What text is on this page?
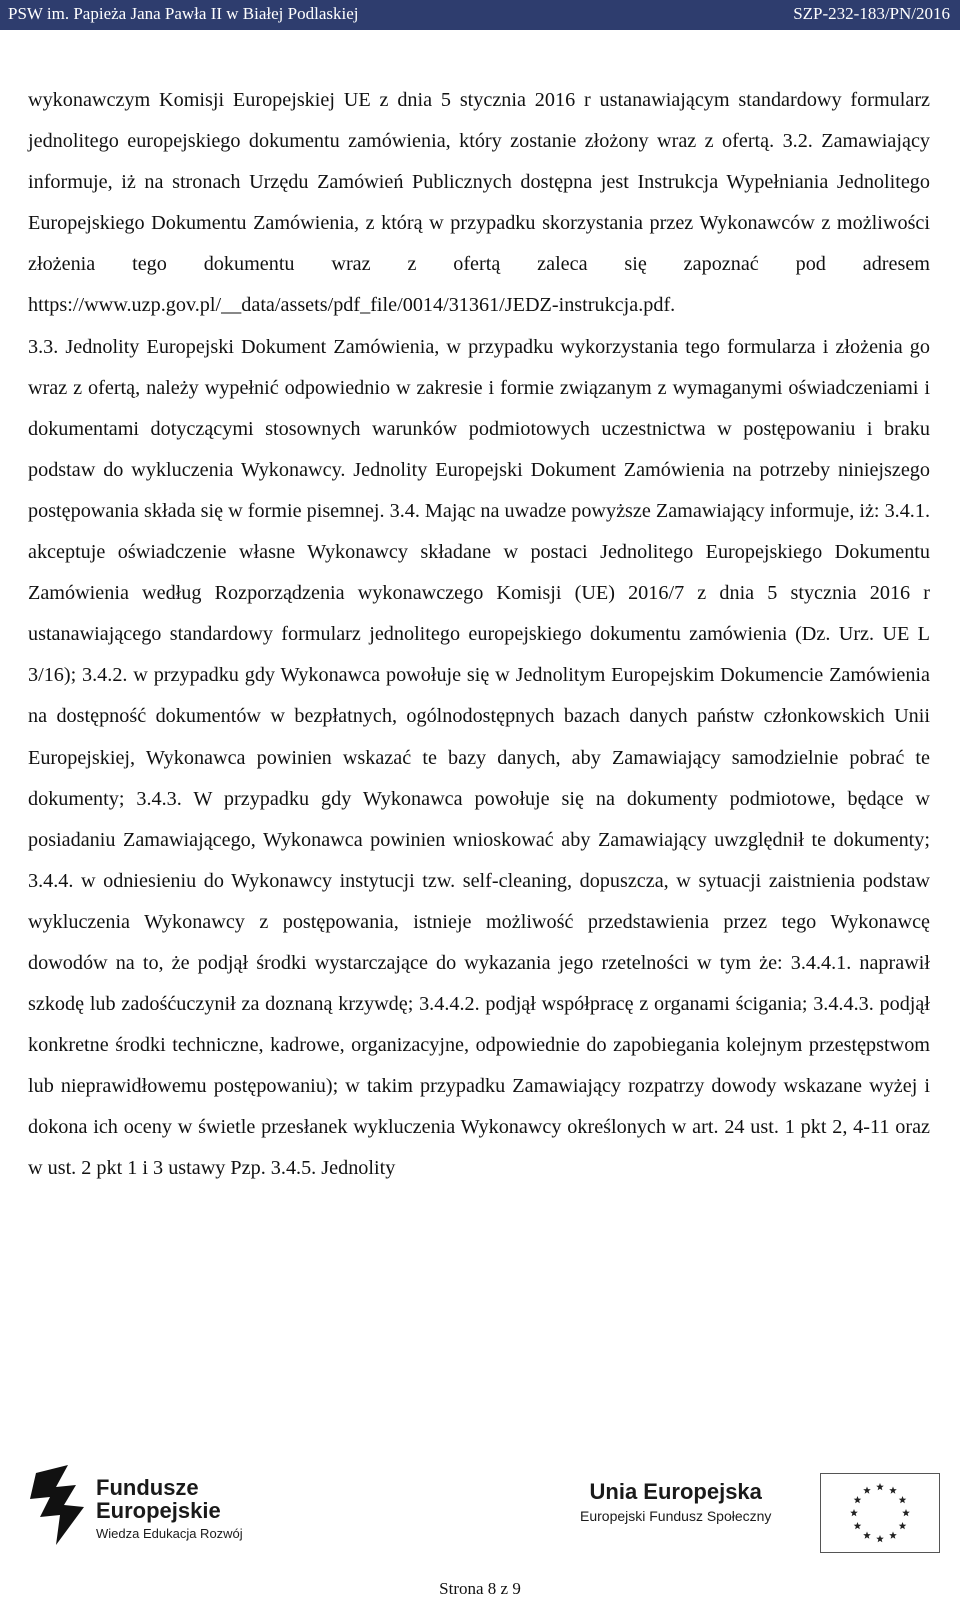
PSW im. Papieża Jana Pawła II w Białej Podlaskiej	SZP-232-183/PN/2016

wykonawczym Komisji Europejskiej UE z dnia 5 stycznia 2016 r ustanawiającym standardowy formularz jednolitego europejskiego dokumentu zamówienia, który zostanie złożony wraz z ofertą. 3.2. Zamawiający informuje, iż na stronach Urzędu Zamówień Publicznych dostępna jest Instrukcja Wypełniania Jednolitego Europejskiego Dokumentu Zamówienia, z którą w przypadku skorzystania przez Wykonawców z możliwości złożenia tego dokumentu wraz z ofertą zaleca się zapoznać pod adresem https://www.uzp.gov.pl/__data/assets/pdf_file/0014/31361/JEDZ-instrukcja.pdf.

3.3. Jednolity Europejski Dokument Zamówienia, w przypadku wykorzystania tego formularza i złożenia go wraz z ofertą, należy wypełnić odpowiednio w zakresie i formie związanym z wymaganymi oświadczeniami i dokumentami dotyczącymi stosownych warunków podmiotowych uczestnictwa w postępowaniu i braku podstaw do wykluczenia Wykonawcy. Jednolity Europejski Dokument Zamówienia na potrzeby niniejszego postępowania składa się w formie pisemnej. 3.4. Mając na uwadze powyższe Zamawiający informuje, iż: 3.4.1. akceptuje oświadczenie własne Wykonawcy składane w postaci Jednolitego Europejskiego Dokumentu Zamówienia według Rozporządzenia wykonawczego Komisji (UE) 2016/7 z dnia 5 stycznia 2016 r ustanawiającego standardowy formularz jednolitego europejskiego dokumentu zamówienia (Dz. Urz. UE L 3/16); 3.4.2. w przypadku gdy Wykonawca powołuje się w Jednolitym Europejskim Dokumencie Zamówienia na dostępność dokumentów w bezpłatnych, ogólnodostępnych bazach danych państw członkowskich Unii Europejskiej, Wykonawca powinien wskazać te bazy danych, aby Zamawiający samodzielnie pobrać te dokumenty; 3.4.3. W przypadku gdy Wykonawca powołuje się na dokumenty podmiotowe, będące w posiadaniu Zamawiającego, Wykonawca powinien wnioskować aby Zamawiający uwzględnił te dokumenty; 3.4.4. w odniesieniu do Wykonawcy instytucji tzw. self-cleaning, dopuszcza, w sytuacji zaistnienia podstaw wykluczenia Wykonawcy z postępowania, istnieje możliwość przedstawienia przez tego Wykonawcę dowodów na to, że podjął środki wystarczające do wykazania jego rzetelności w tym że: 3.4.4.1. naprawił szkodę lub zadośćuczynił za doznaną krzywdę; 3.4.4.2. podjął współpracę z organami ścigania; 3.4.4.3. podjął konkretne środki techniczne, kadrowe, organizacyjne, odpowiednie do zapobiegania kolejnym przestępstwom lub nieprawidłowemu postępowaniu); w takim przypadku Zamawiający rozpatrzy dowody wskazane wyżej i dokona ich oceny w świetle przesłanek wykluczenia Wykonawcy określonych w art. 24 ust. 1 pkt 2, 4-11 oraz w ust. 2 pkt 1 i 3 ustawy Pzp. 3.4.5. Jednolity

Fundusze
Europejskie
Wiedza Edukacja Rozwój
Unia Europejska
Europejski Fundusz Społeczny
Strona 8 z 9
